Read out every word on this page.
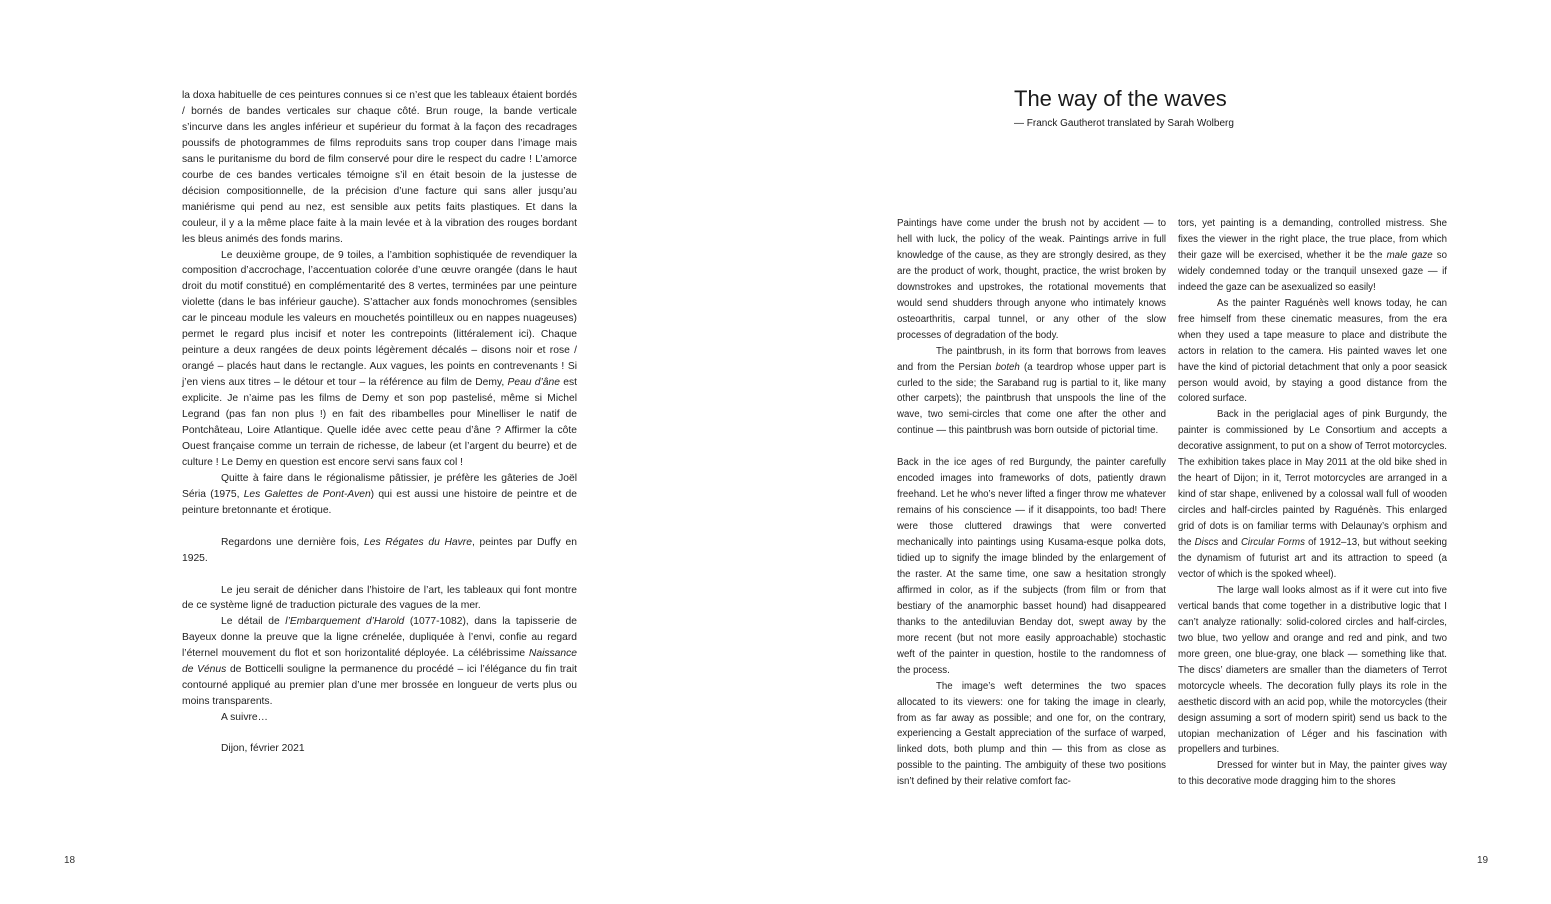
la doxa habituelle de ces peintures connues si ce n’est que les tableaux étaient bordés / bornés de bandes verticales sur chaque côté. Brun rouge, la bande verticale s’incurve dans les angles inférieur et supérieur du format à la façon des recadrages poussifs de photogrammes de films reproduits sans trop couper dans l’image mais sans le puritanisme du bord de film conservé pour dire le respect du cadre ! L’amorce courbe de ces bandes verticales témoigne s’il en était besoin de la justesse de décision compositionnelle, de la précision d’une facture qui sans aller jusqu’au maniérisme qui pend au nez, est sensible aux petits faits plastiques. Et dans la couleur, il y a la même place faite à la main levée et à la vibration des rouges bordant les bleus animés des fonds marins.

Le deuxième groupe, de 9 toiles, a l’ambition sophistiquée de revendiquer la composition d’accrochage, l’accentuation colorée d’une œuvre orangée (dans le haut droit du motif constitué) en complémentarité des 8 vertes, terminées par une peinture violette (dans le bas inférieur gauche). S’attacher aux fonds monochromes (sensibles car le pinceau module les valeurs en mouchetés pointilleux ou en nappes nuageuses) permet le regard plus incisif et noter les contrepoints (littéralement ici). Chaque peinture a deux rangées de deux points légèrement décalés – disons noir et rose / orangé – placés haut dans le rectangle. Aux vagues, les points en contrevenants ! Si j’en viens aux titres – le détour et tour – la référence au film de Demy, Peau d’âne est explicite. Je n’aime pas les films de Demy et son pop pastelisé, même si Michel Legrand (pas fan non plus !) en fait des ribambelles pour Minelliser le natif de Pontchâteau, Loire Atlantique. Quelle idée avec cette peau d’âne ? Affirmer la côte Ouest française comme un terrain de richesse, de labeur (et l’argent du beurre) et de culture ! Le Demy en question est encore servi sans faux col !

Quitte à faire dans le régionalisme pâtissier, je préfère les gâteries de Joël Séria (1975, Les Galettes de Pont-Aven) qui est aussi une histoire de peintre et de peinture bretonnante et érotique.

Regardons une dernière fois, Les Régates du Havre, peintes par Duffy en 1925.

Le jeu serait de dénicher dans l’histoire de l’art, les tableaux qui font montre de ce système ligné de traduction picturale des vagues de la mer.

Le détail de l’Embarquement d’Harold (1077-1082), dans la tapisserie de Bayeux donne la preuve que la ligne crénelée, dupliquée à l’envi, confie au regard l’éternel mouvement du flot et son horizontalité déployée. La célébrissime Naissance de Vénus de Botticelli souligne la permanence du procédé – ici l’élégance du fin trait contourné appliqué au premier plan d’une mer brossée en longueur de verts plus ou moins transparents.

A suivre…

Dijon, février 2021

18
The way of the waves
— Franck Gautherot translated by Sarah Wolberg

Paintings have come under the brush not by accident — to hell with luck, the policy of the weak. Paintings arrive in full knowledge of the cause, as they are strongly desired, as they are the product of work, thought, practice, the wrist broken by downstrokes and upstrokes, the rotational movements that would send shudders through anyone who intimately knows osteoarthritis, carpal tunnel, or any other of the slow processes of degradation of the body.

The paintbrush, in its form that borrows from leaves and from the Persian boteh (a teardrop whose upper part is curled to the side; the Saraband rug is partial to it, like many other carpets); the paintbrush that unspools the line of the wave, two semi-circles that come one after the other and continue — this paintbrush was born outside of pictorial time.

Back in the ice ages of red Burgundy, the painter carefully encoded images into frameworks of dots, patiently drawn freehand. Let he who’s never lifted a finger throw me whatever remains of his conscience — if it disappoints, too bad! There were those cluttered drawings that were converted mechanically into paintings using Kusama-esque polka dots, tidied up to signify the image blinded by the enlargement of the raster. At the same time, one saw a hesitation strongly affirmed in color, as if the subjects (from film or from that bestiary of the anamorphic basset hound) had disappeared thanks to the antediluvian Benday dot, swept away by the more recent (but not more easily approachable) stochastic weft of the painter in question, hostile to the randomness of the process.

The image’s weft determines the two spaces allocated to its viewers: one for taking the image in clearly, from as far away as possible; and one for, on the contrary, experiencing a Gestalt appreciation of the surface of warped, linked dots, both plump and thin — this from as close as possible to the painting. The ambiguity of these two positions isn’t defined by their relative comfort fac-

tors, yet painting is a demanding, controlled mistress. She fixes the viewer in the right place, the true place, from which their gaze will be exercised, whether it be the male gaze so widely condemned today or the tranquil unsexed gaze — if indeed the gaze can be asexualized so easily!

As the painter Raguénès well knows today, he can free himself from these cinematic measures, from the era when they used a tape measure to place and distribute the actors in relation to the camera. His painted waves let one have the kind of pictorial detachment that only a poor seasick person would avoid, by staying a good distance from the colored surface.

Back in the periglacial ages of pink Burgundy, the painter is commissioned by Le Consortium and accepts a decorative assignment, to put on a show of Terrot motorcycles. The exhibition takes place in May 2011 at the old bike shed in the heart of Dijon; in it, Terrot motorcycles are arranged in a kind of star shape, enlivened by a colossal wall full of wooden circles and half-circles painted by Raguénès. This enlarged grid of dots is on familiar terms with Delaunay’s orphism and the Discs and Circular Forms of 1912–13, but without seeking the dynamism of futurist art and its attraction to speed (a vector of which is the spoked wheel).

The large wall looks almost as if it were cut into five vertical bands that come together in a distributive logic that I can’t analyze rationally: solid-colored circles and half-circles, two blue, two yellow and orange and red and pink, and two more green, one blue-gray, one black — something like that. The discs’ diameters are smaller than the diameters of Terrot motorcycle wheels. The decoration fully plays its role in the aesthetic discord with an acid pop, while the motorcycles (their design assuming a sort of modern spirit) send us back to the utopian mechanization of Léger and his fascination with propellers and turbines.

Dressed for winter but in May, the painter gives way to this decorative mode dragging him to the shores

19
